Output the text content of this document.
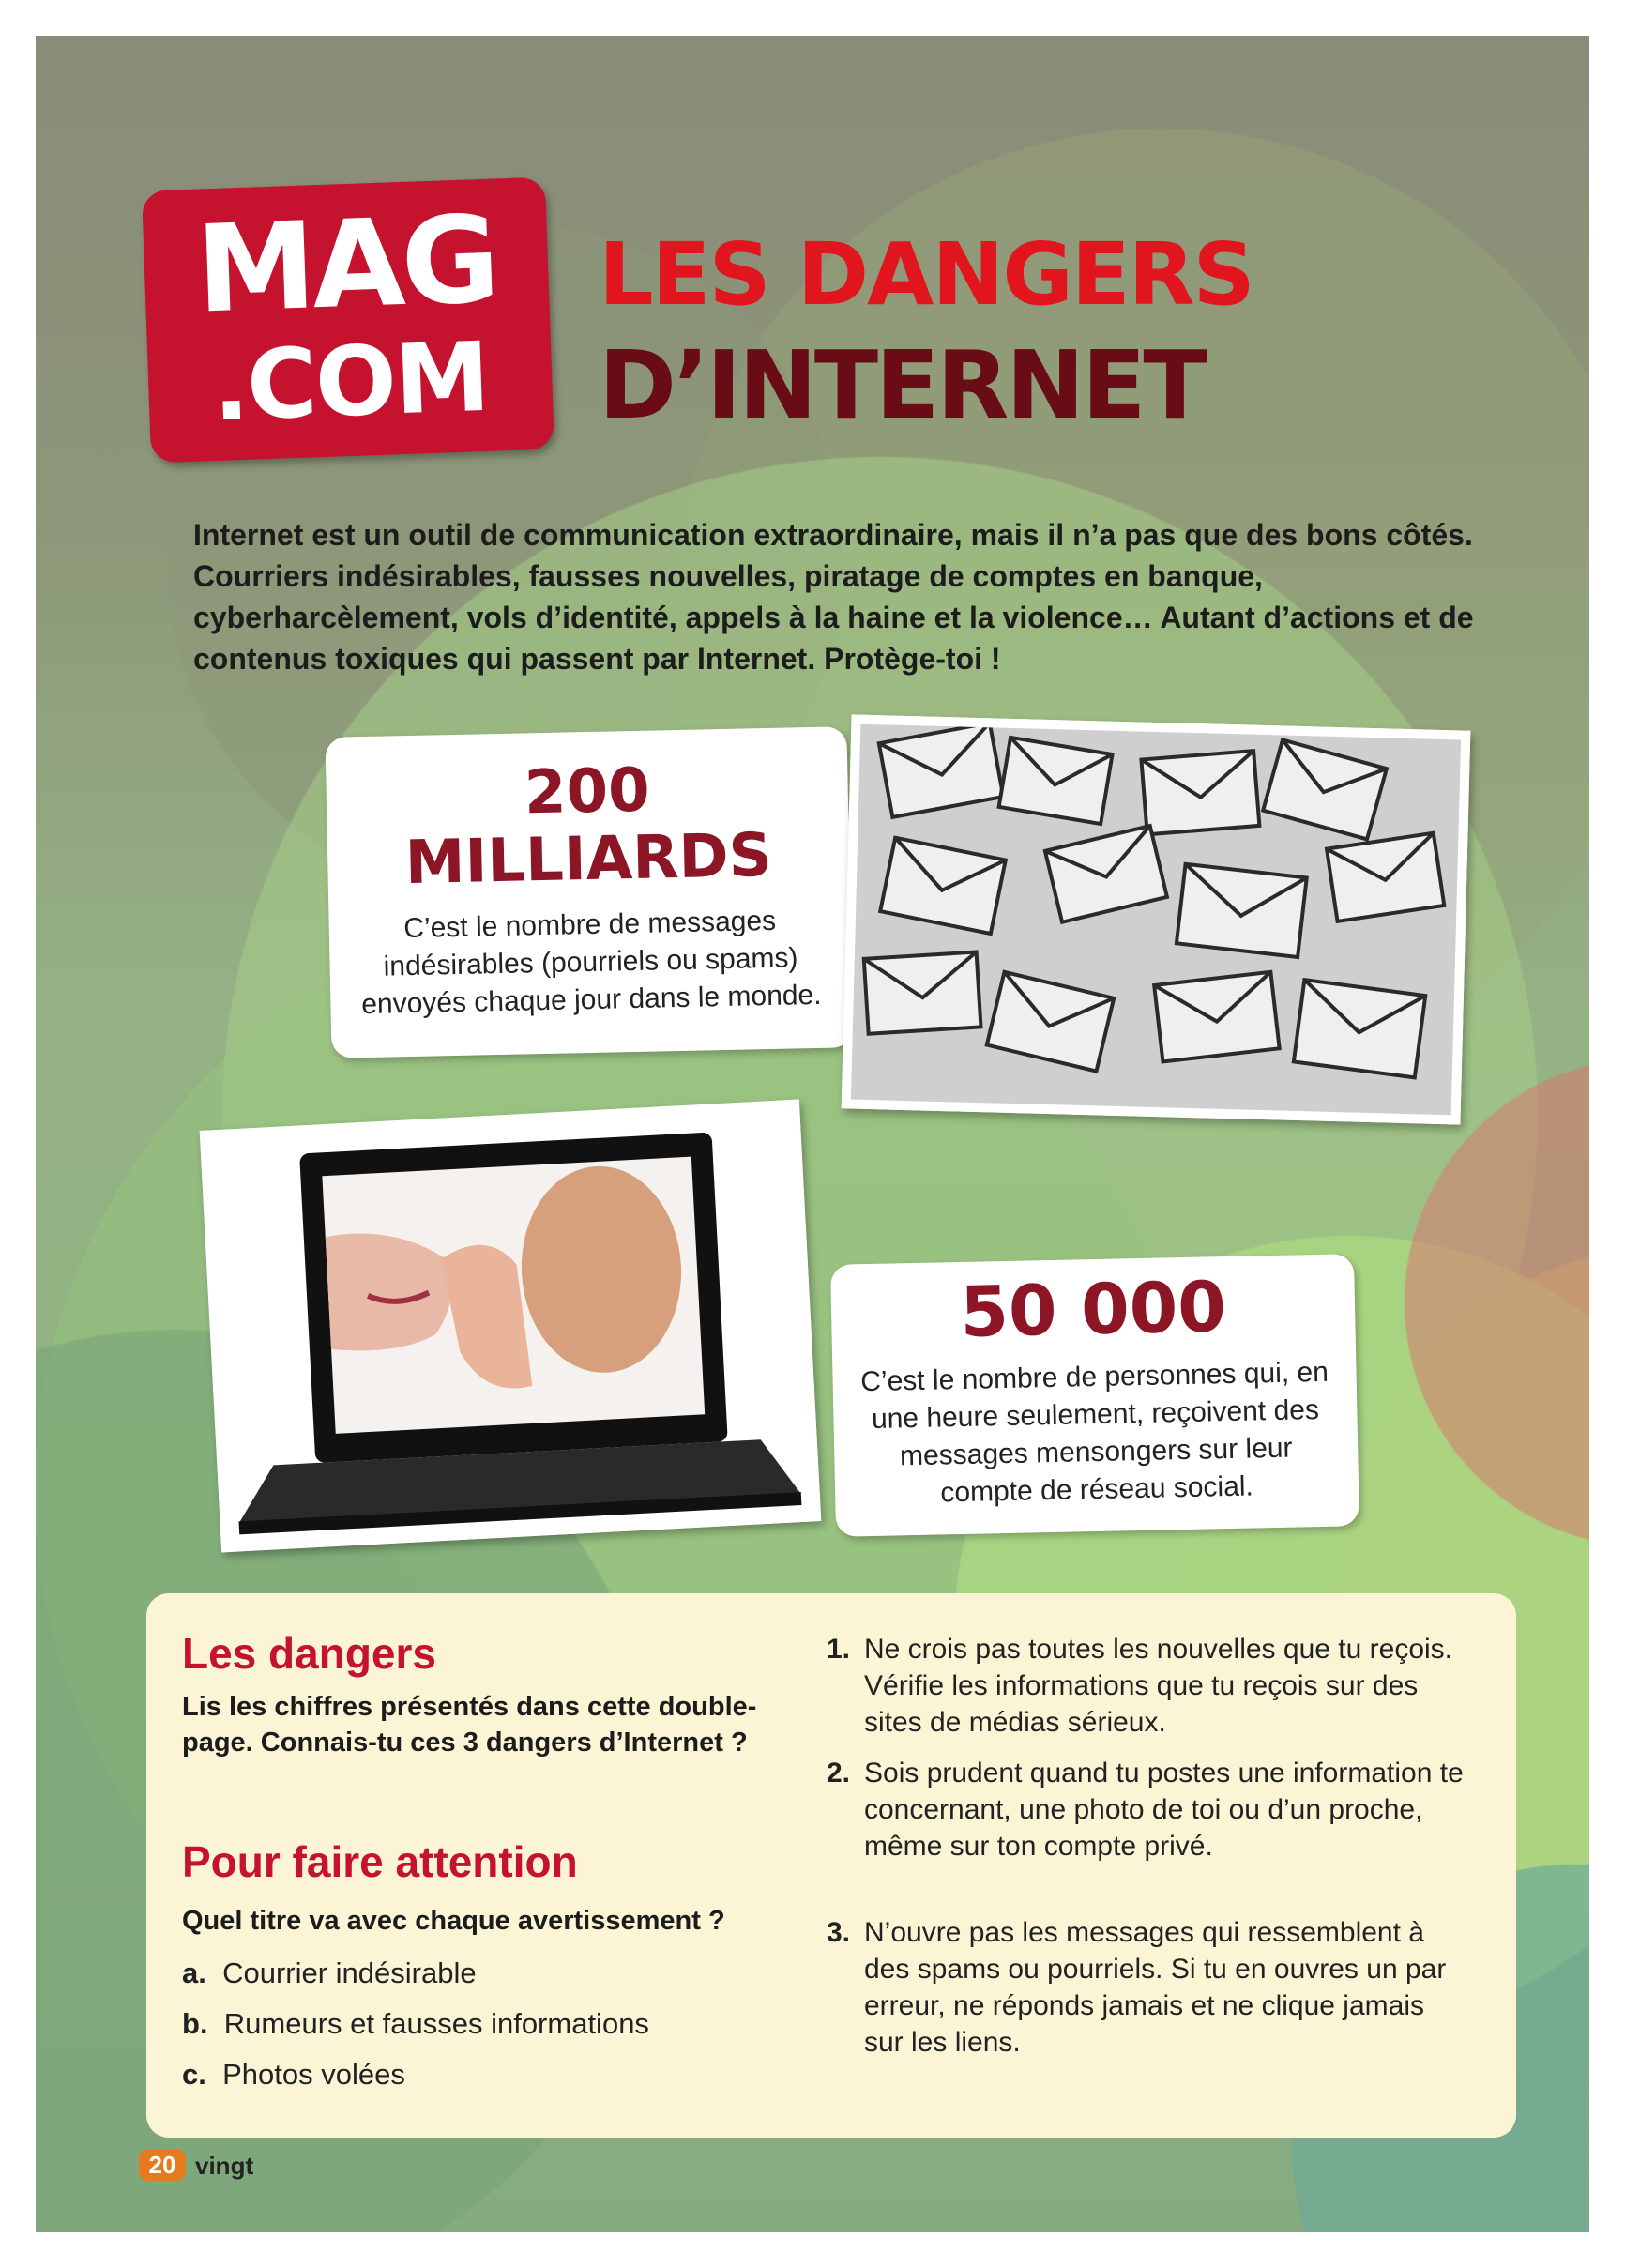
MAG
.COM
LES DANGERS
D’INTERNET

Internet est un outil de communication extraordinaire, mais il n’a pas que des bons côtés. Courriers indésirables, fausses nouvelles, piratage de comptes en banque, cyberharcèlement, vols d’identité, appels à la haine et la violence… Autant d’actions et de contenus toxiques qui passent par Internet. Protège-toi !

200
MILLIARDS

C’est le nombre de messages indésirables (pourriels ou spams) envoyés chaque jour dans le monde.

50 000

C’est le nombre de personnes qui, en une heure seulement, reçoivent des messages mensongers sur leur compte de réseau social.

Les dangers

Lis les chiffres présentés dans cette double-page. Connais-tu ces 3 dangers d’Internet ?

Pour faire attention

Quel titre va avec chaque avertissement ?

a. Courrier indésirable
b. Rumeurs et fausses informations
c. Photos volées
1. Ne crois pas toutes les nouvelles que tu reçois. Vérifie les informations que tu reçois sur des sites de médias sérieux.
2. Sois prudent quand tu postes une information te concernant, une photo de toi ou d’un proche, même sur ton compte privé.
3. N’ouvre pas les messages qui ressemblent à des spams ou pourriels. Si tu en ouvres un par erreur, ne réponds jamais et ne clique jamais sur les liens.
20 vingt
